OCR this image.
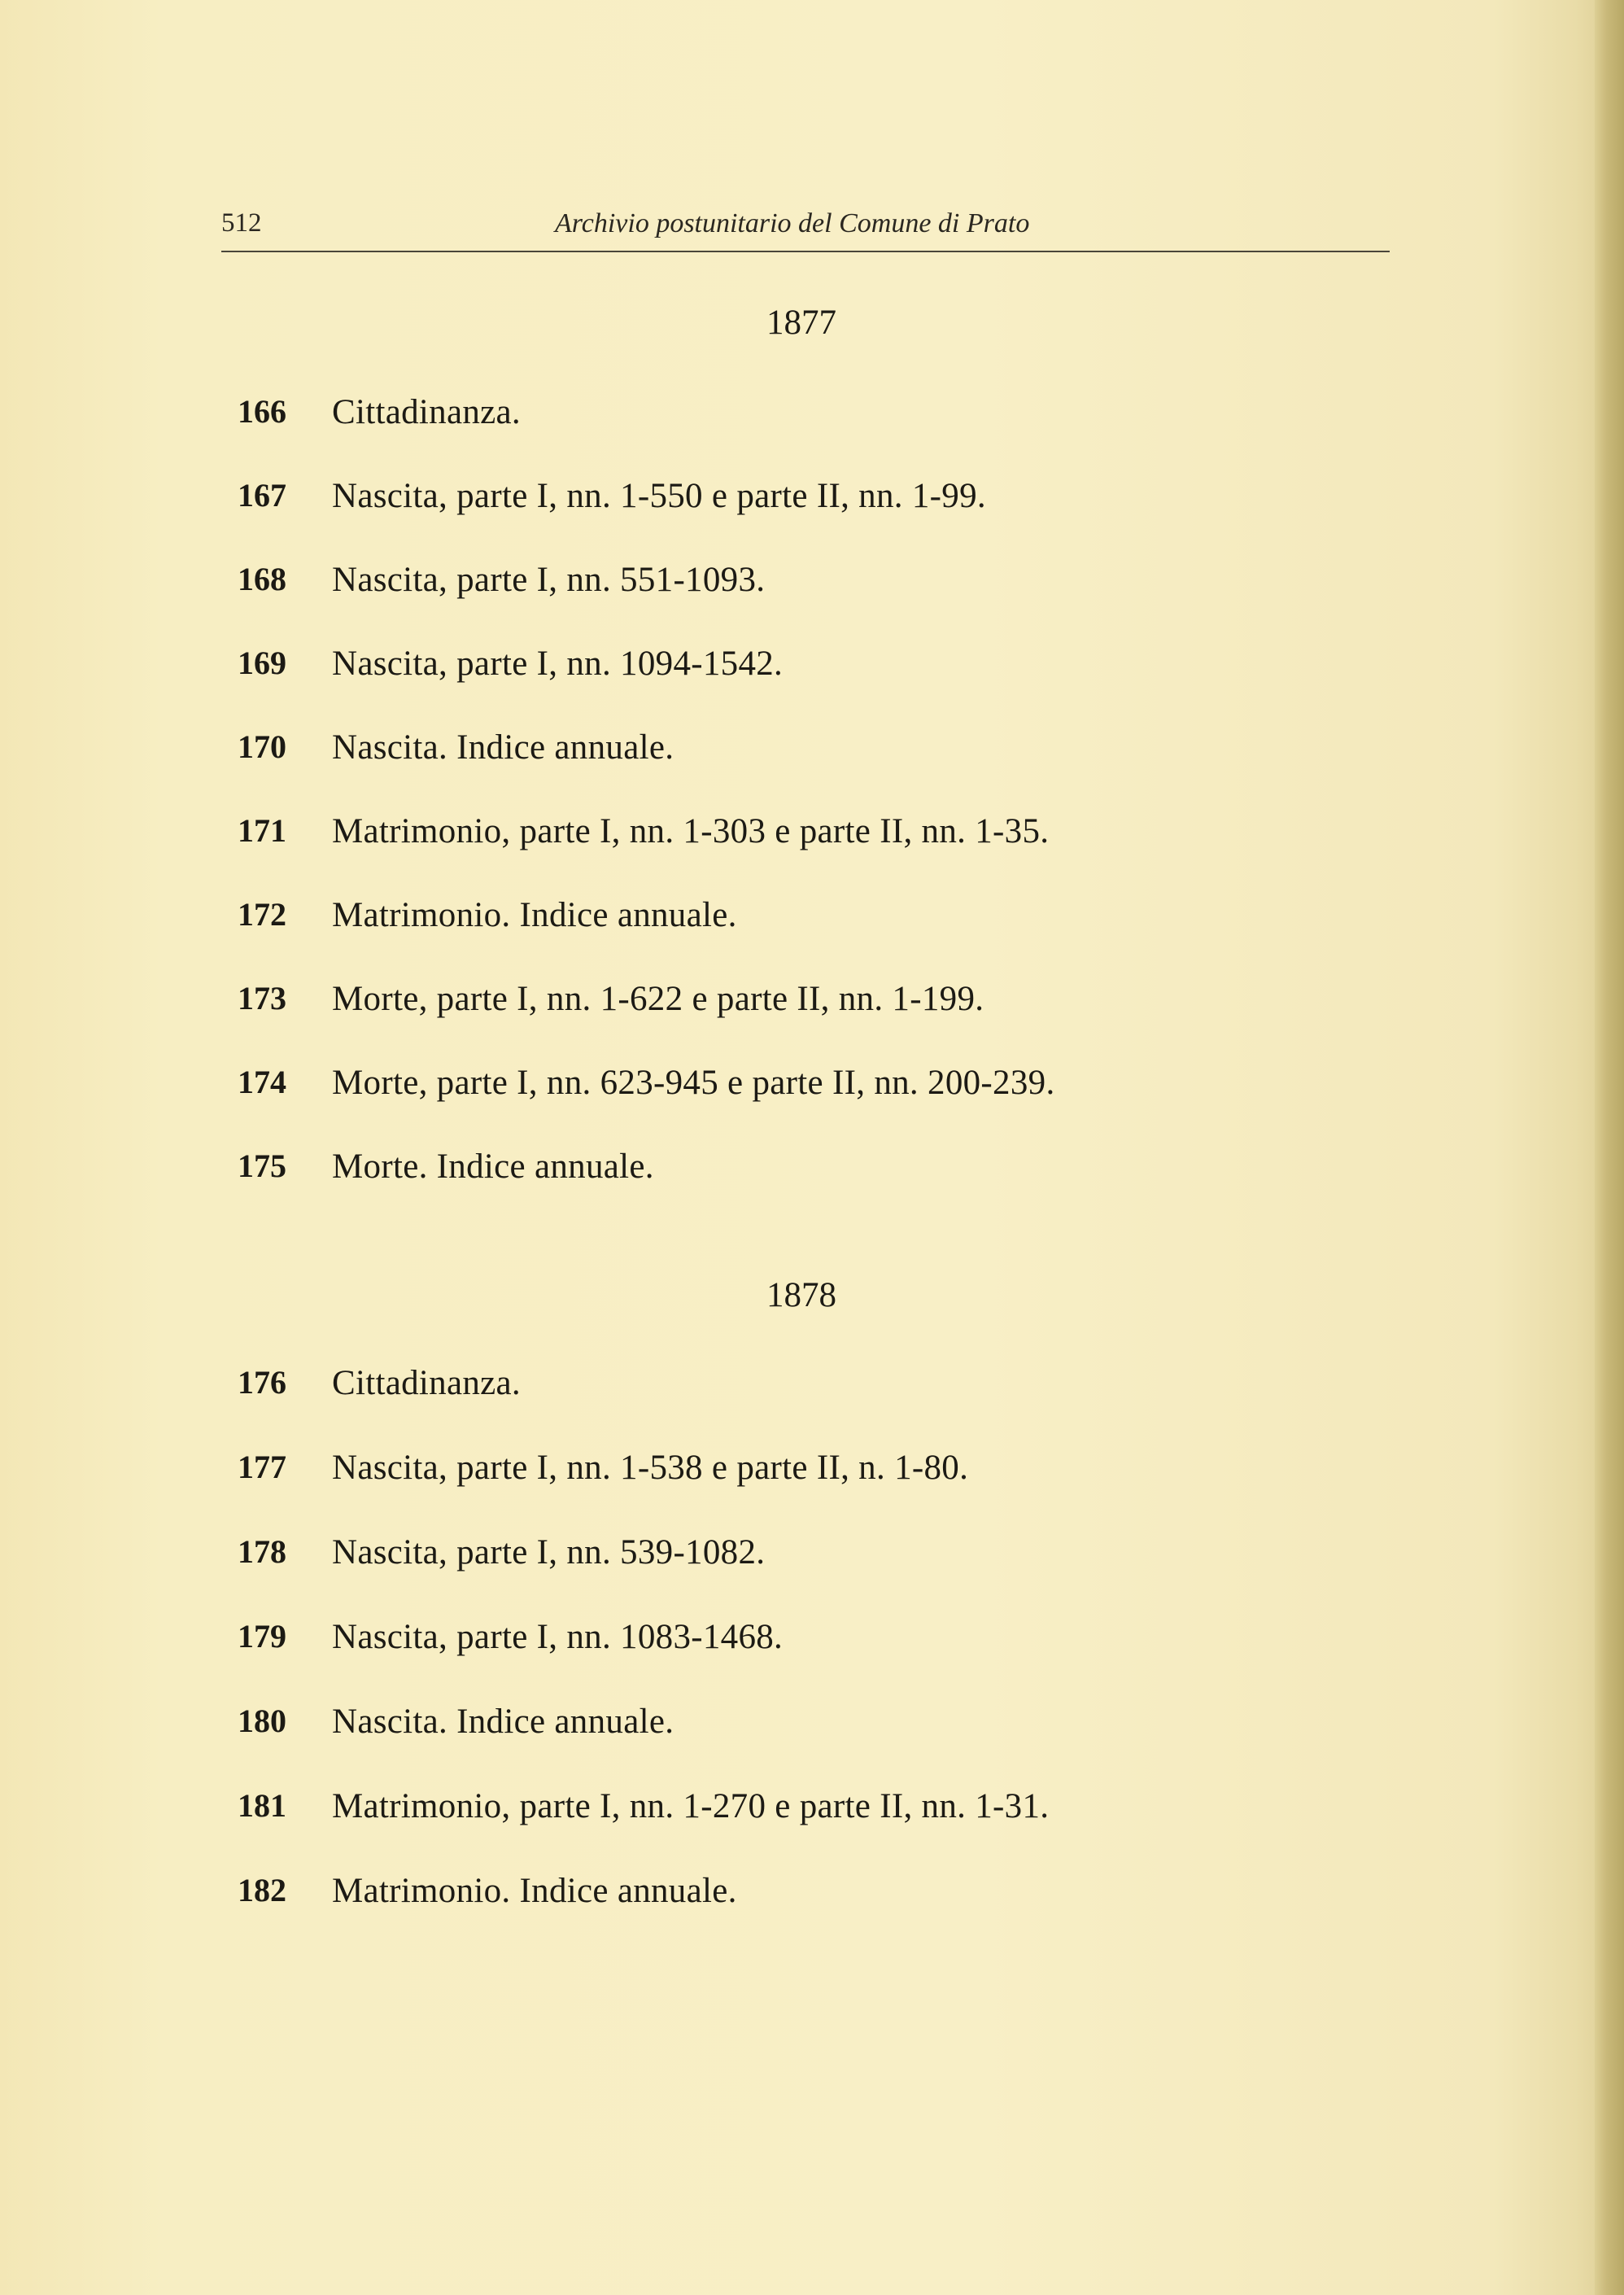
512	Archivio postunitario del Comune di Prato
1877
166	Cittadinanza.
167	Nascita, parte I, nn. 1-550 e parte II, nn. 1-99.
168	Nascita, parte I, nn. 551-1093.
169	Nascita, parte I, nn. 1094-1542.
170	Nascita. Indice annuale.
171	Matrimonio, parte I, nn. 1-303 e parte II, nn. 1-35.
172	Matrimonio. Indice annuale.
173	Morte, parte I, nn. 1-622 e parte II, nn. 1-199.
174	Morte, parte I, nn. 623-945 e parte II, nn. 200-239.
175	Morte. Indice annuale.
1878
176	Cittadinanza.
177	Nascita, parte I, nn. 1-538 e parte II, n. 1-80.
178	Nascita, parte I, nn. 539-1082.
179	Nascita, parte I, nn. 1083-1468.
180	Nascita. Indice annuale.
181	Matrimonio, parte I, nn. 1-270 e parte II, nn. 1-31.
182	Matrimonio. Indice annuale.
